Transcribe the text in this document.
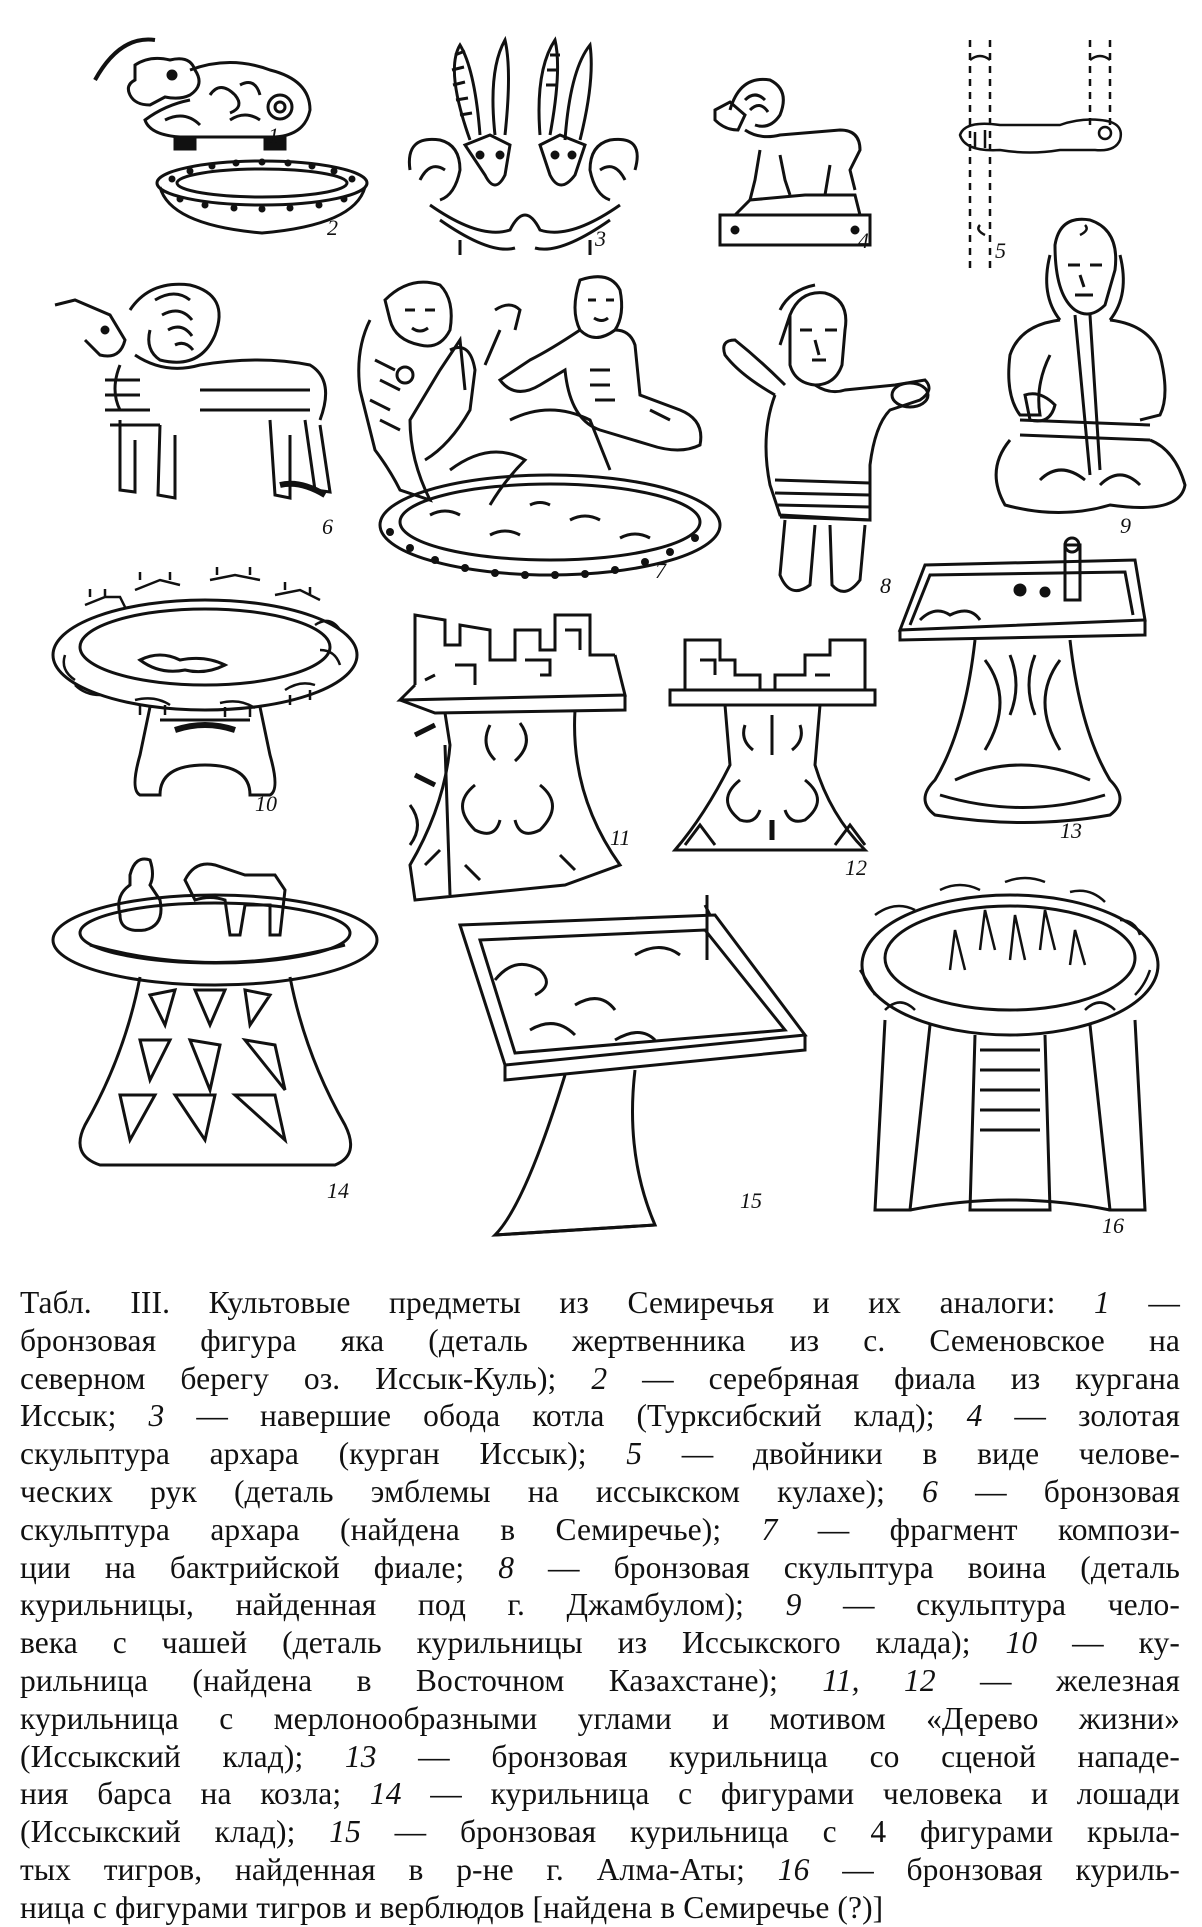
1
2	3	4	5
6
7
8
9
10
11
12
13
14	15
16
Табл. III. Культовые предметы из Семиречья и их аналоги: 1 —
бронзовая фигура яка (деталь жертвенника из с. Семеновское на
северном берегу оз. Иссык-Куль); 2 — серебряная фиала из кургана
Иссык; 3 — навершие обода котла (Турксибский клад); 4 — золотая
скульптура архара (курган Иссык); 5 — двойники в виде челове-
ческих рук (деталь эмблемы на иссыкском кулахе); 6 — бронзовая
скульптура архара (найдена в Семиречье); 7 — фрагмент компози-
ции на бактрийской фиале; 8 — бронзовая скульптура воина (деталь
курильницы, найденная под г. Джамбулом); 9 — скульптура чело-
века с чашей (деталь курильницы из Иссыкского клада); 10 — ку-
рильница (найдена в Восточном Казахстане); 11, 12 — железная
курильница с мерлонообразными углами и мотивом «Дерево жизни»
(Иссыкский клад); 13 — бронзовая курильница со сценой нападе-
ния барса на козла; 14 — курильница с фигурами человека и лошади
(Иссыкский клад); 15 — бронзовая курильница с 4 фигурами крыла-
тых тигров, найденная в р-не г. Алма-Аты; 16 — бронзовая куриль-
ница с фигурами тигров и верблюдов [найдена в Семиречье (?)]
